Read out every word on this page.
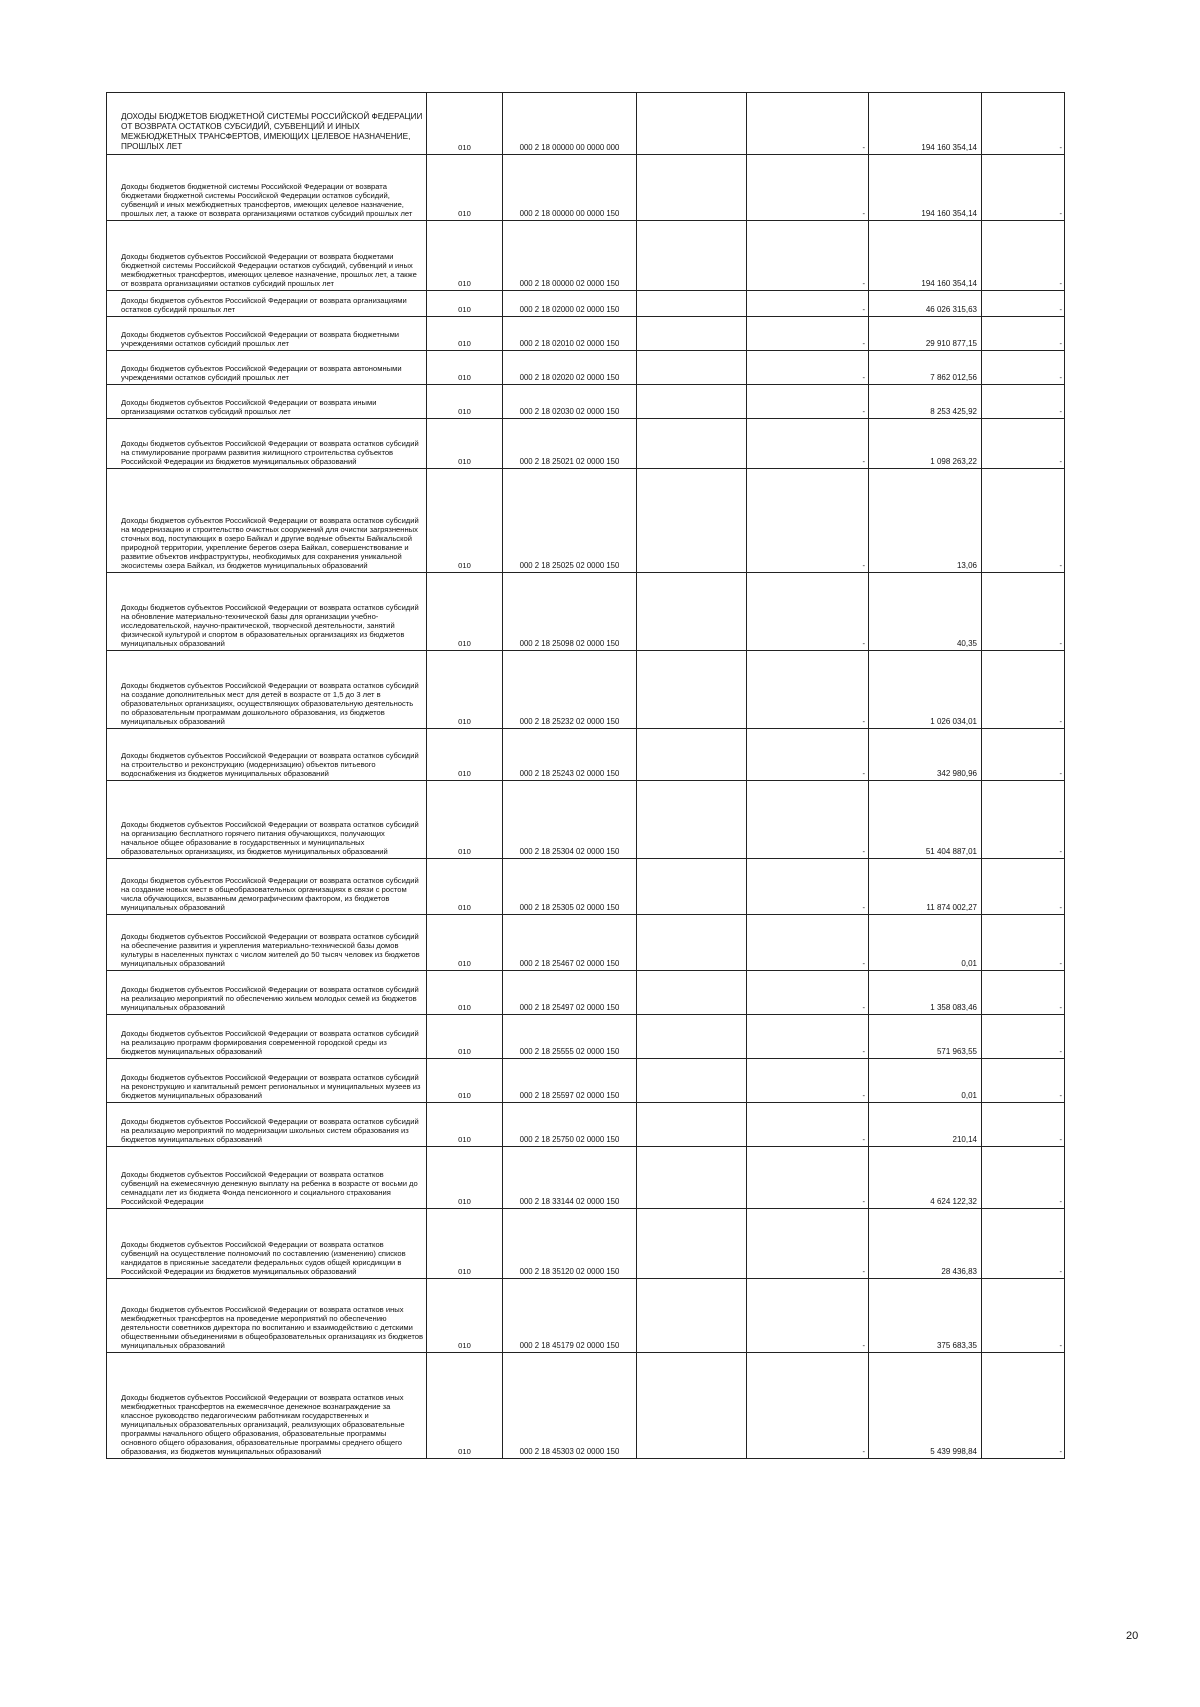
ДОХОДЫ БЮДЖЕТОВ БЮДЖЕТНОЙ СИСТЕМЫ РОССИЙСКОЙ ФЕДЕРАЦИИ ОТ ВОЗВРАТА ОСТАТКОВ СУБСИДИЙ, СУБВЕНЦИЙ И ИНЫХ МЕЖБЮДЖЕТНЫХ ТРАНСФЕРТОВ, ИМЕЮЩИХ ЦЕЛЕВОЕ НАЗНАЧЕНИЕ, ПРОШЛЫХ ЛЕТ	010	000 2 18 00000 00 0000 000		-	194 160 354,14	-
Доходы бюджетов бюджетной системы Российской Федерации от возврата бюджетами бюджетной системы Российской Федерации остатков субсидий, субвенций и иных межбюджетных трансфертов, имеющих целевое назначение, прошлых лет, а также от возврата организациями остатков субсидий прошлых лет	010	000 2 18 00000 00 0000 150		-	194 160 354,14	-
Доходы бюджетов субъектов Российской Федерации от возврата бюджетами бюджетной системы Российской Федерации остатков субсидий, субвенций и иных межбюджетных трансфертов, имеющих целевое назначение, прошлых лет, а также от возврата организациями остатков субсидий прошлых лет	010	000 2 18 00000 02 0000 150		-	194 160 354,14	-
Доходы бюджетов субъектов Российской Федерации от возврата организациями остатков субсидий прошлых лет	010	000 2 18 02000 02 0000 150		-	46 026 315,63	-
Доходы бюджетов субъектов Российской Федерации от возврата бюджетными учреждениями остатков субсидий прошлых лет	010	000 2 18 02010 02 0000 150		-	29 910 877,15	-
Доходы бюджетов субъектов Российской Федерации от возврата автономными учреждениями остатков субсидий прошлых лет	010	000 2 18 02020 02 0000 150		-	7 862 012,56	-
Доходы бюджетов субъектов Российской Федерации от возврата иными организациями остатков субсидий прошлых лет	010	000 2 18 02030 02 0000 150		-	8 253 425,92	-
Доходы бюджетов субъектов Российской Федерации от возврата остатков субсидий на стимулирование программ развития жилищного строительства субъектов Российской Федерации из бюджетов муниципальных образований	010	000 2 18 25021 02 0000 150		-	1 098 263,22	-
Доходы бюджетов субъектов Российской Федерации от возврата остатков субсидий на модернизацию и строительство очистных сооружений для очистки загрязненных сточных вод, поступающих в озеро Байкал и другие водные объекты Байкальской природной территории, укрепление берегов озера Байкал, совершенствование и развитие объектов инфраструктуры, необходимых для сохранения уникальной экосистемы озера Байкал, из бюджетов муниципальных образований	010	000 2 18 25025 02 0000 150		-	13,06	-
Доходы бюджетов субъектов Российской Федерации от возврата остатков субсидий на обновление материально-технической базы для организации учебно-исследовательской, научно-практической, творческой деятельности, занятий физической культурой и спортом в образовательных организациях из бюджетов муниципальных образований	010	000 2 18 25098 02 0000 150		-	40,35	-
Доходы бюджетов субъектов Российской Федерации от возврата остатков субсидий на создание дополнительных мест для детей в возрасте от 1,5 до 3 лет в образовательных организациях, осуществляющих образовательную деятельность по образовательным программам дошкольного образования, из бюджетов муниципальных образований	010	000 2 18 25232 02 0000 150		-	1 026 034,01	-
Доходы бюджетов субъектов Российской Федерации от возврата остатков субсидий на строительство и реконструкцию (модернизацию) объектов питьевого водоснабжения из бюджетов муниципальных образований	010	000 2 18 25243 02 0000 150		-	342 980,96	-
Доходы бюджетов субъектов Российской Федерации от возврата остатков субсидий на организацию бесплатного горячего питания обучающихся, получающих начальное общее образование в государственных и муниципальных образовательных организациях, из бюджетов муниципальных образований	010	000 2 18 25304 02 0000 150		-	51 404 887,01	-
Доходы бюджетов субъектов Российской Федерации от возврата остатков субсидий на создание новых мест в общеобразовательных организациях в связи с ростом числа обучающихся, вызванным демографическим фактором, из бюджетов муниципальных образований	010	000 2 18 25305 02 0000 150		-	11 874 002,27	-
Доходы бюджетов субъектов Российской Федерации от возврата остатков субсидий на обеспечение развития и укрепления материально-технической базы домов культуры в населенных пунктах с числом жителей до 50 тысяч человек из бюджетов муниципальных образований	010	000 2 18 25467 02 0000 150		-	0,01	-
Доходы бюджетов субъектов Российской Федерации от возврата остатков субсидий на реализацию мероприятий по обеспечению жильем молодых семей из бюджетов муниципальных образований	010	000 2 18 25497 02 0000 150		-	1 358 083,46	-
Доходы бюджетов субъектов Российской Федерации от возврата остатков субсидий на реализацию программ формирования современной городской среды из бюджетов муниципальных образований	010	000 2 18 25555 02 0000 150		-	571 963,55	-
Доходы бюджетов субъектов Российской Федерации от возврата остатков субсидий на реконструкцию и капитальный ремонт региональных и муниципальных музеев из бюджетов муниципальных образований	010	000 2 18 25597 02 0000 150		-	0,01	-
Доходы бюджетов субъектов Российской Федерации от возврата остатков субсидий на реализацию мероприятий по модернизации школьных систем образования из бюджетов муниципальных образований	010	000 2 18 25750 02 0000 150		-	210,14	-
Доходы бюджетов субъектов Российской Федерации от возврата остатков субвенций на ежемесячную денежную выплату на ребенка в возрасте от восьми до семнадцати лет из бюджета Фонда пенсионного и социального страхования Российской Федерации	010	000 2 18 33144 02 0000 150		-	4 624 122,32	-
Доходы бюджетов субъектов Российской Федерации от возврата остатков субвенций на осуществление полномочий по составлению (изменению) списков кандидатов в присяжные заседатели федеральных судов общей юрисдикции в Российской Федерации из бюджетов муниципальных образований	010	000 2 18 35120 02 0000 150		-	28 436,83	-
Доходы бюджетов субъектов Российской Федерации от возврата остатков иных межбюджетных трансфертов на проведение мероприятий по обеспечению деятельности советников директора по воспитанию и взаимодействию с детскими общественными объединениями в общеобразовательных организациях из бюджетов муниципальных образований	010	000 2 18 45179 02 0000 150		-	375 683,35	-
Доходы бюджетов субъектов Российской Федерации от возврата остатков иных межбюджетных трансфертов на ежемесячное денежное вознаграждение за классное руководство педагогическим работникам государственных и муниципальных образовательных организаций, реализующих образовательные программы начального общего образования, образовательные программы основного общего образования, образовательные программы среднего общего образования, из бюджетов муниципальных образований	010	000 2 18 45303 02 0000 150		-	5 439 998,84	-
20
